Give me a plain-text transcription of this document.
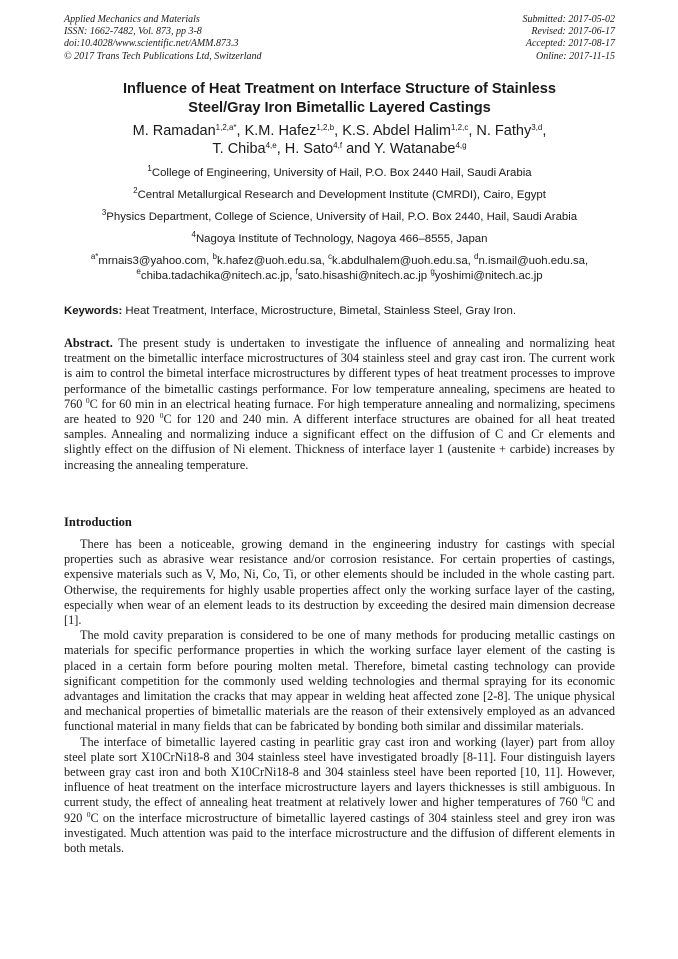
Applied Mechanics and Materials
ISSN: 1662-7482, Vol. 873, pp 3-8
doi:10.4028/www.scientific.net/AMM.873.3
© 2017 Trans Tech Publications Ltd, Switzerland
Submitted: 2017-05-02
Revised: 2017-06-17
Accepted: 2017-08-17
Online: 2017-11-15
Influence of Heat Treatment on Interface Structure of Stainless
Steel/Gray Iron Bimetallic Layered Castings
M. Ramadan$^{1,2,a*}$, K.M. Hafez$^{1,2,b}$, K.S. Abdel Halim$^{1,2,c}$, N. Fathy$^{3,d}$,
T. Chiba$^{4,e}$, H. Sato$^{4,f}$ and Y. Watanabe$^{4,g}$
$^1$College of Engineering, University of Hail, P.O. Box 2440 Hail, Saudi Arabia
$^2$Central Metallurgical Research and Development Institute (CMRDI), Cairo, Egypt
$^3$Physics Department, College of Science, University of Hail, P.O. Box 2440, Hail, Saudi Arabia
$^4$Nagoya Institute of Technology, Nagoya 466–8555, Japan
$^{a*}$mrnais3@yahoo.com, $^b$k.hafez@uoh.edu.sa, $^c$k.abdulhalem@uoh.edu.sa, $^d$n.ismail@uoh.edu.sa,
$^e$chiba.tadachika@nitech.ac.jp, $^f$sato.hisashi@nitech.ac.jp $^g$yoshimi@nitech.ac.jp
Keywords: Heat Treatment, Interface, Microstructure, Bimetal, Stainless Steel, Gray Iron.

Abstract. The present study is undertaken to investigate the influence of annealing and normalizing heat treatment on the bimetallic interface microstructures of 304 stainless steel and gray cast iron. The current work is aim to control the bimetal interface microstructures by different types of heat treatment processes to improve performance of the bimetallic castings performance. For low temperature annealing, specimens are heated to 760 $^0$C for 60 min in an electrical heating furnace. For high temperature annealing and normalizing, specimens are heated to 920 $^0$C for 120 and 240 min. A different interface structures are obained for all heat treated samples. Annealing and normalizing induce a significant effect on the diffusion of C and Cr elements and slightly effect on the diffusion of Ni element. Thickness of interface layer 1 (austenite + carbide) increases by increasing the annealing temperature.

Introduction

There has been a noticeable, growing demand in the engineering industry for castings with special properties such as abrasive wear resistance and/or corrosion resistance. For certain properties of castings, expensive materials such as V, Mo, Ni, Co, Ti, or other elements should be included in the whole casting part. Otherwise, the requirements for highly usable properties affect only the working surface layer of the casting, especially when wear of an element leads to its destruction by exceeding the desired main dimension decrease [1].

The mold cavity preparation is considered to be one of many methods for producing metallic castings on materials for specific performance properties in which the working surface layer element of the casting is placed in a certain form before pouring molten metal. Therefore, bimetal casting technology can provide significant competition for the commonly used welding technologies and thermal spraying for its economic advantages and limitation the cracks that may appear in welding heat affected zone [2-8]. The unique physical and mechanical properties of bimetallic materials are the reason of their extensively employed as an advanced functional material in many fields that can be fabricated by bonding both similar and dissimilar materials.

The interface of bimetallic layered casting in pearlitic gray cast iron and working (layer) part from alloy steel plate sort X10CrNi18-8 and 304 stainless steel have investigated broadly [8-11]. Four distinguish layers between gray cast iron and both X10CrNi18-8 and 304 stainless steel have been reported [10, 11]. However, influence of heat treatment on the interface microstructure layers and layers thicknesses is still ambiguous. In current study, the effect of annealing heat treatment at relatively lower and higher temperatures of 760 $^0$C and 920 $^0$C on the interface microstructure of bimetallic layered castings of 304 stainless steel and grey iron was investigated. Much attention was paid to the interface microstructure and the diffusion of different elements in both metals.
